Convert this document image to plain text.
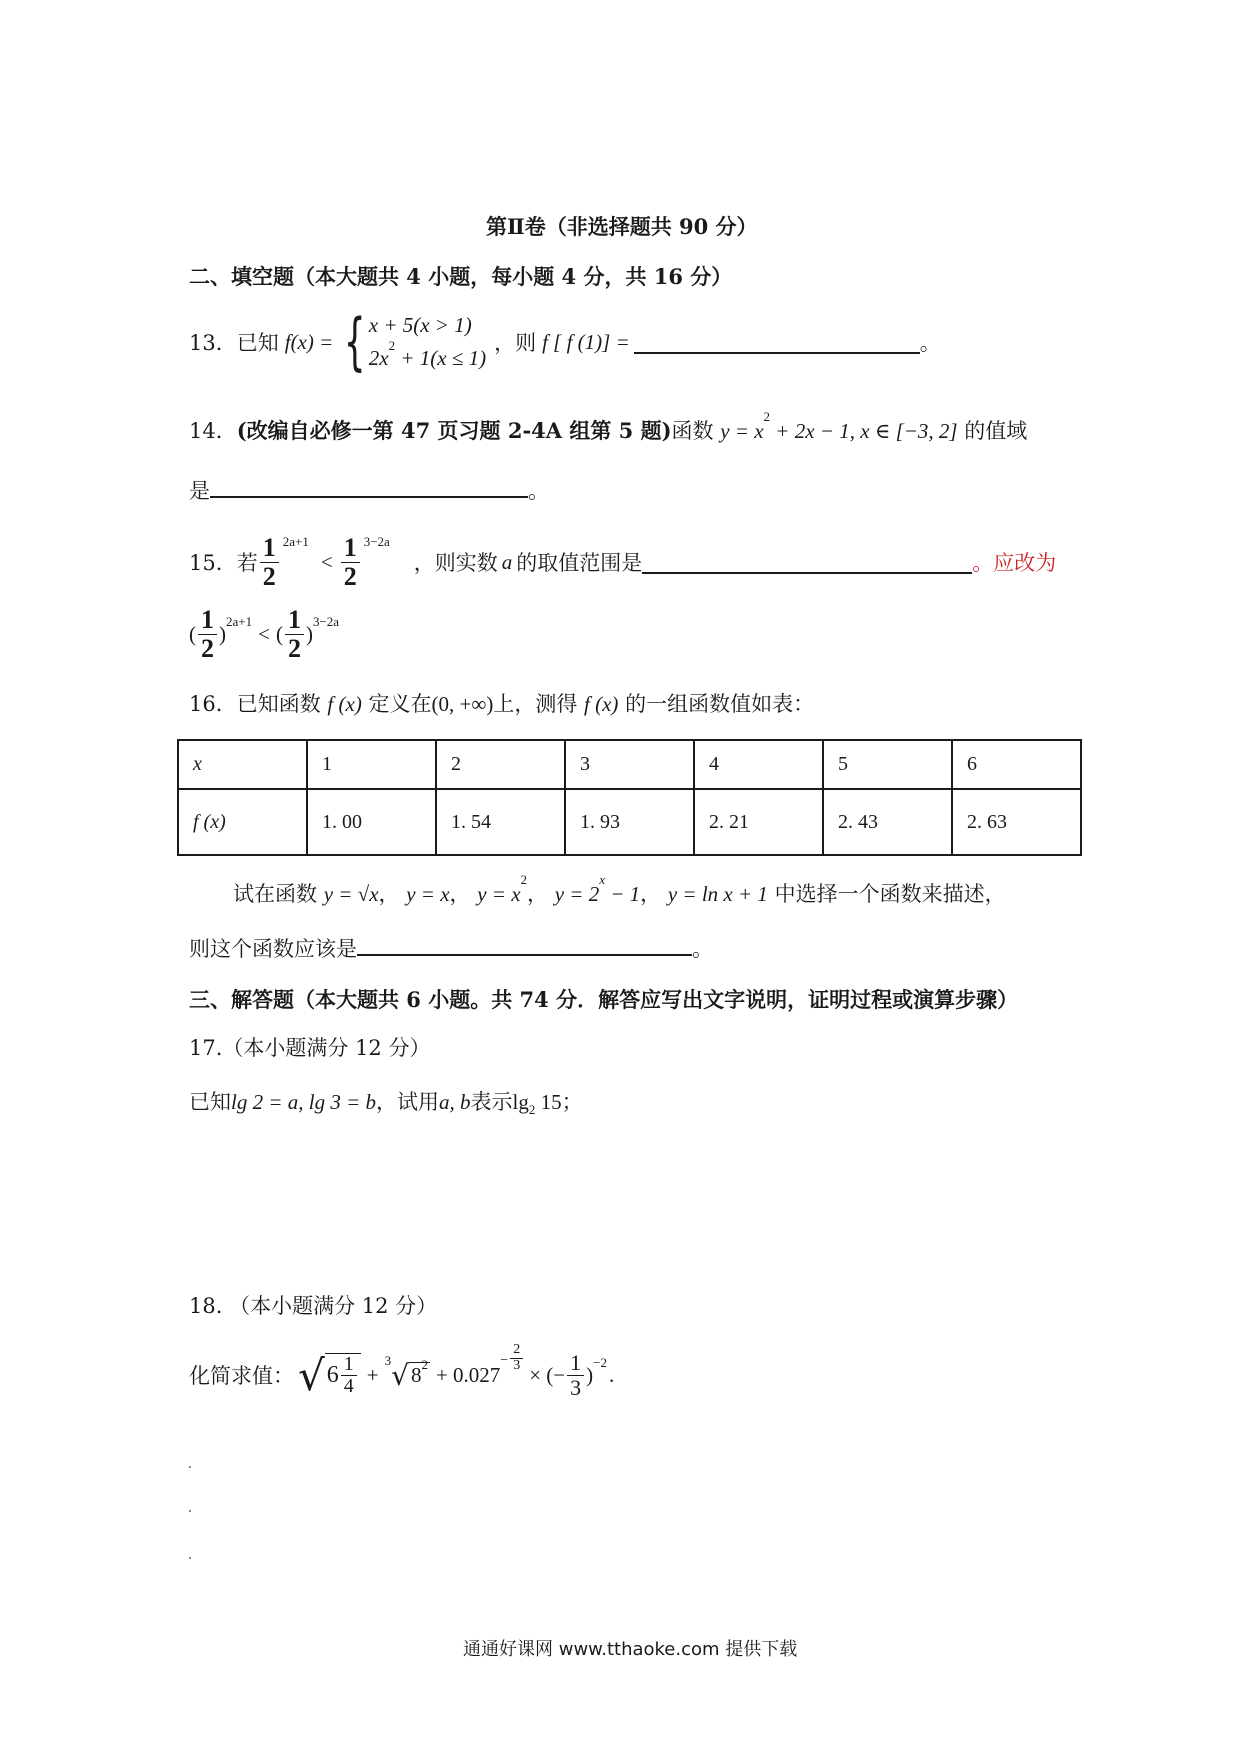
第Ⅱ卷（非选择题共 90 分）
二、填空题（本大题共 4 小题，每小题 4 分，共 16 分）
13． 已知 f(x) = { x + 5(x > 1)
$2x^2 + 1(x \le 1)$
，则 f [ f (1)] =	。
14．(改编自必修一第 47 页习题 2-4A 组第 5 题)函数 $y = x^2 + 2x - 1$, x ∈ [−3, 2] 的值域
是	。
15． 若 $\frac{1}{2} ^{2a+1}$
< $\frac{1}{2} ^{3-2a}$
，则实数 a 的取值范围是	。应改为
( $\frac{1}{2} )^{2a+1}$ < ( $\frac{1}{2} )^{3-2a}$
16．已知函数 f (x) 定义在(0, +∞)上，测得 f (x) 的一组函数值如表：
x	1	2	3	4	5	6
f (x)	1. 00	1. 54	1. 93	2. 21	2. 43	2. 63
试在函数 y = √x， y = x， $y = x^2$， $y = 2^x - 1$， y = ln x + 1 中选择一个函数来描述，
则这个函数应该是	。
三、解答题（本大题共 6 小题。共 74 分．解答应写出文字说明，证明过程或演算步骤）
17.（本小题满分 12 分）
已知lg 2 = a, lg 3 = b，试用a, b表示$\lg_2 15$；
18. （本小题满分 12 分）
化简求值： √ $6 \frac{1}{4}$ +
$^3$ √ $8^2 + 0.027$
− $\frac{2}{3}$
× (− $\frac{1}{3} )^{-2}$ .
通通好课网 www.tthaoke.com 提供下载
